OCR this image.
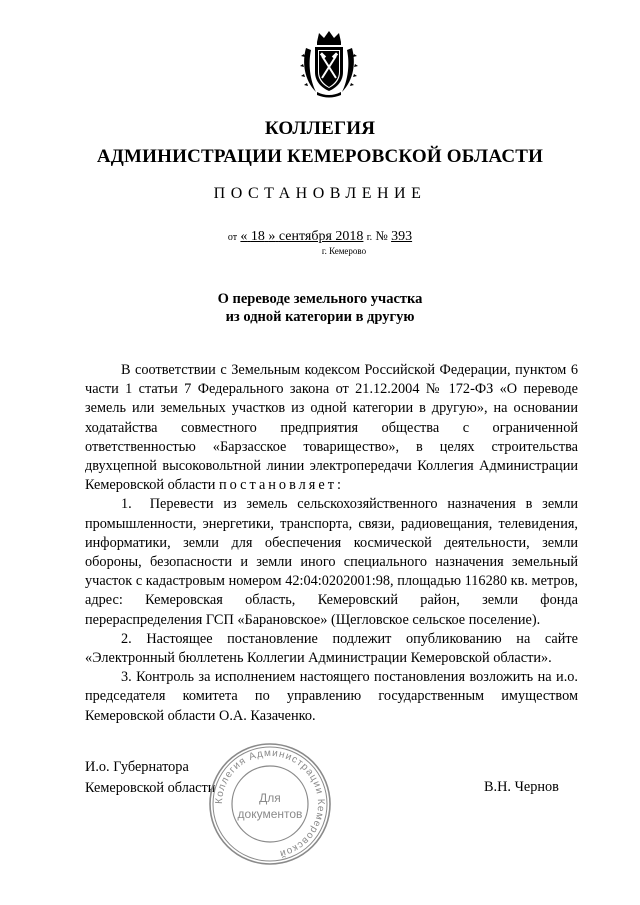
КОЛЛЕГИЯ
АДМИНИСТРАЦИИ КЕМЕРОВСКОЙ ОБЛАСТИ
ПОСТАНОВЛЕНИЕ
от « 18 » сентября 2018 г. № 393
г. Кемерово
О переводе земельного участка
из одной категории в другую

В соответствии с Земельным кодексом Российской Федерации, пунктом 6 части 1 статьи 7 Федерального закона от 21.12.2004 № 172-ФЗ «О переводе земель или земельных участков из одной категории в другую», на основании ходатайства совместного предприятия общества с ограниченной ответственностью «Барзасское товарищество», в целях строительства двухцепной высоковольтной линии электропередачи Коллегия Администрации Кемеровской области постановляет:

1. Перевести из земель сельскохозяйственного назначения в земли промышленности, энергетики, транспорта, связи, радиовещания, телевидения, информатики, земли для обеспечения космической деятельности, земли обороны, безопасности и земли иного специального назначения земельный участок с кадастровым номером 42:04:0202001:98, площадью 116280 кв. метров, адрес: Кемеровская область, Кемеровский район, земли фонда перераспределения ГСП «Барановское» (Щегловское сельское поселение).

2. Настоящее постановление подлежит опубликованию на сайте «Электронный бюллетень Коллегии Администрации Кемеровской области».

3. Контроль за исполнением настоящего постановления возложить на и.о. председателя комитета по управлению государственным имуществом Кемеровской области О.А. Казаченко.

И.о. Губернатора
Кемеровской области	В.Н. Чернов
Коллегия Администрации Кемеровской
Для
документов
